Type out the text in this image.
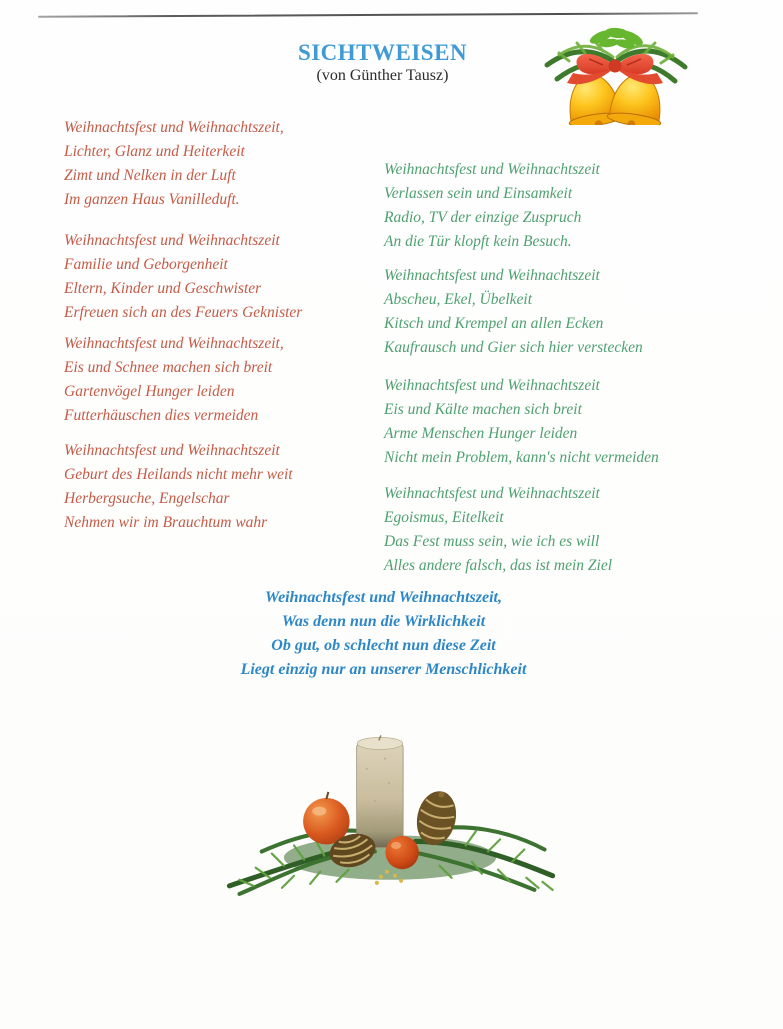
SICHTWEISEN
(von Günther Tausz)
Weihnachtsfest und Weihnachtszeit,
Lichter, Glanz und Heiterkeit
Zimt und Nelken in der Luft
Im ganzen Haus Vanilleduft.
Weihnachtsfest und Weihnachtszeit
Familie und Geborgenheit
Eltern, Kinder und Geschwister
Erfreuen sich an des Feuers Geknister
Weihnachtsfest und Weihnachtszeit,
Eis und Schnee machen sich breit
Gartenvögel Hunger leiden
Futterhäuschen dies vermeiden
Weihnachtsfest und Weihnachtszeit
Geburt des Heilands nicht mehr weit
Herbergsuche, Engelschar
Nehmen wir im Brauchtum wahr
Weihnachtsfest und Weihnachtszeit
Verlassen sein und Einsamkeit
Radio, TV der einzige Zuspruch
An die Tür klopft kein Besuch.
Weihnachtsfest und Weihnachtszeit
Abscheu, Ekel, Übelkeit
Kitsch und Krempel an allen Ecken
Kaufrausch und Gier sich hier verstecken
Weihnachtsfest und Weihnachtszeit
Eis und Kälte machen sich breit
Arme Menschen Hunger leiden
Nicht mein Problem, kann's nicht vermeiden
Weihnachtsfest und Weihnachtszeit
Egoismus, Eitelkeit
Das Fest muss sein, wie ich es will
Alles andere falsch, das ist mein Ziel
Weihnachtsfest und Weihnachtszeit,
Was denn nun die Wirklichkeit
Ob gut, ob schlecht nun diese Zeit
Liegt einzig nur an unserer Menschlichkeit
